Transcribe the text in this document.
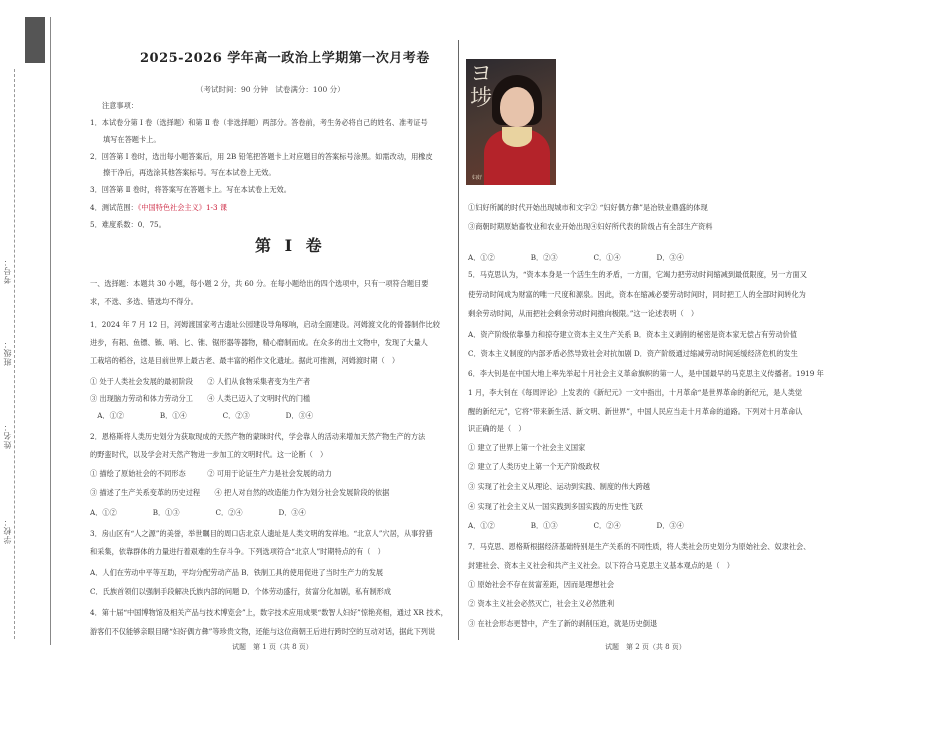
学校：
姓名：
班级：
考号：
2025-2026 学年高一政治上学期第一次月考卷
（考试时间：90 分钟　试卷满分：100 分）
注意事项：
1．本试卷分第 Ⅰ 卷（选择题）和第 Ⅱ 卷（非选择题）两部分。答卷前，考生务必将自己的姓名、准考证号
填写在答题卡上。
2．回答第 Ⅰ 卷时，选出每小题答案后，用 2B 铅笔把答题卡上对应题目的答案标号涂黑。如需改动，用橡皮
擦干净后，再选涂其他答案标号。写在本试卷上无效。
3．回答第 Ⅱ 卷时，将答案写在答题卡上。写在本试卷上无效。
4．测试范围：《中国特色社会主义》1-3 课
5．难度系数：0．75。
第 Ⅰ 卷
一、选择题：本题共 30 小题，每小题 2 分，共 60 分。在每小题给出的四个选项中，只有一项符合题目要
求，不选、多选、错选均不得分。
1．2024 年 7 月 12 日，河姆渡国家考古遗址公园建设导角啄响，启动全面建设。河姆渡文化的骨器制作比较
进步，有耜、鱼镖、镞、哨、匕、锥、锯形器等器物，精心磨制而成。在众多的出土文物中，发现了大量人
工栽培的稻谷，这是目前世界上最古老、最丰富的稻作文化遗址。据此可推测，河姆渡时期（　）
① 处于人类社会发展的最初阶段　　② 人们从食物采集者变为生产者
③ 出现脑力劳动和体力劳动分工　　④ 人类已迈入了文明时代的门槛
　A．①②　　　　　B．①④　　　　　C．②③　　　　　D．③④
2．恩格斯将人类历史划分为获取现成的天然产物的蒙昧时代，学会靠人的活动来增加天然产物生产的方法
的野蛮时代，以及学会对天然产物进一步加工的文明时代。这一论断（　）
① 描绘了原始社会的不同形态　　　② 可用于论证生产力是社会发展的动力
③ 描述了生产关系变革的历史过程　　④ 把人对自然的改造能力作为划分社会发展阶段的依据
A．①②　　　　　B．①③　　　　　C．②④　　　　　D．③④
3．房山区有“人之源”的美誉，举世瞩目的周口店北京人遗址是人类文明的发祥地。“北京人”穴居，从事狩猎
和采集，依靠群体的力量进行着艰难的生存斗争。下列选项符合“北京人”时期特点的有（　）
A．人们在劳动中平等互助，平均分配劳动产品 B．铁制工具的使用促进了当时生产力的发展
C．氏族首领们以强制手段解决氏族内部的问题 D．个体劳动盛行，贫富分化加剧，私有制形成
4．第十届“中国博物馆及相关产品与技术博览会”上，数字技术应用成果“数智人妇好”惊艳亮相，通过 XR 技术，
游客们不仅能够亲眼目睹“妇好偶方彝”等珍贵文物，还能与这位商朝王后进行跨时空的互动对话，据此下列说
试题　第 1 页（共 8 页）
ヨ
埗
妇好
①妇好所属的时代开始出现城市和文字② “妇好偶方彝”是冶铁业鼎盛的体现
③商朝时期原始畜牧业和农业开始出现④妇好所代表的阶级占有全部生产资料
A．①②　　　　　B．②③　　　　　C．①④　　　　　D．③④
5．马克思认为，“资本本身是一个活生生的矛盾，一方面，它竭力把劳动时间缩减到最低限度，另一方面又
使劳动时间成为财富的唯一尺度和源泉。因此，资本在缩减必要劳动时间时，同时把工人的全部时间转化为
剩余劳动时间，从而把社会剩余劳动时间推向极限。”这一论述表明（　）
A．资产阶级依靠暴力和掠夺建立资本主义生产关系 B．资本主义剥削的秘密是资本家无偿占有劳动价值
C．资本主义制度的内部矛盾必然导致社会对抗加剧 D．资产阶级通过缩减劳动时间延缓经济危机的发生
6．李大钊是在中国大地上率先举起十月社会主义革命旗帜的第一人，是中国最早的马克思主义传播者。1919 年
1 月，李大钊在《每周评论》上发表的《新纪元》一文中指出，十月革命“是世界革命的新纪元，是人类觉
醒的新纪元”，它将“带来新生活、新文明、新世界”，中国人民应当走十月革命的道路。下列对十月革命认
识正确的是（　）
① 建立了世界上第一个社会主义国家
② 建立了人类历史上第一个无产阶级政权
③ 实现了社会主义从理论、运动到实践、制度的伟大跨越
④ 实现了社会主义从一国实践到多国实践的历史性飞跃
A．①②　　　　　B．①③　　　　　C．②④　　　　　D．③④
7．马克思、恩格斯根据经济基础特别是生产关系的不同性质，将人类社会历史划分为原始社会、奴隶社会、
封建社会、资本主义社会和共产主义社会。以下符合马克思主义基本观点的是（　）
① 原始社会不存在贫富差距，因而是理想社会
② 资本主义社会必然灭亡，社会主义必然胜利
③ 在社会形态更替中，产生了新的剥削压迫，就是历史倒退
试题　第 2 页（共 8 页）
